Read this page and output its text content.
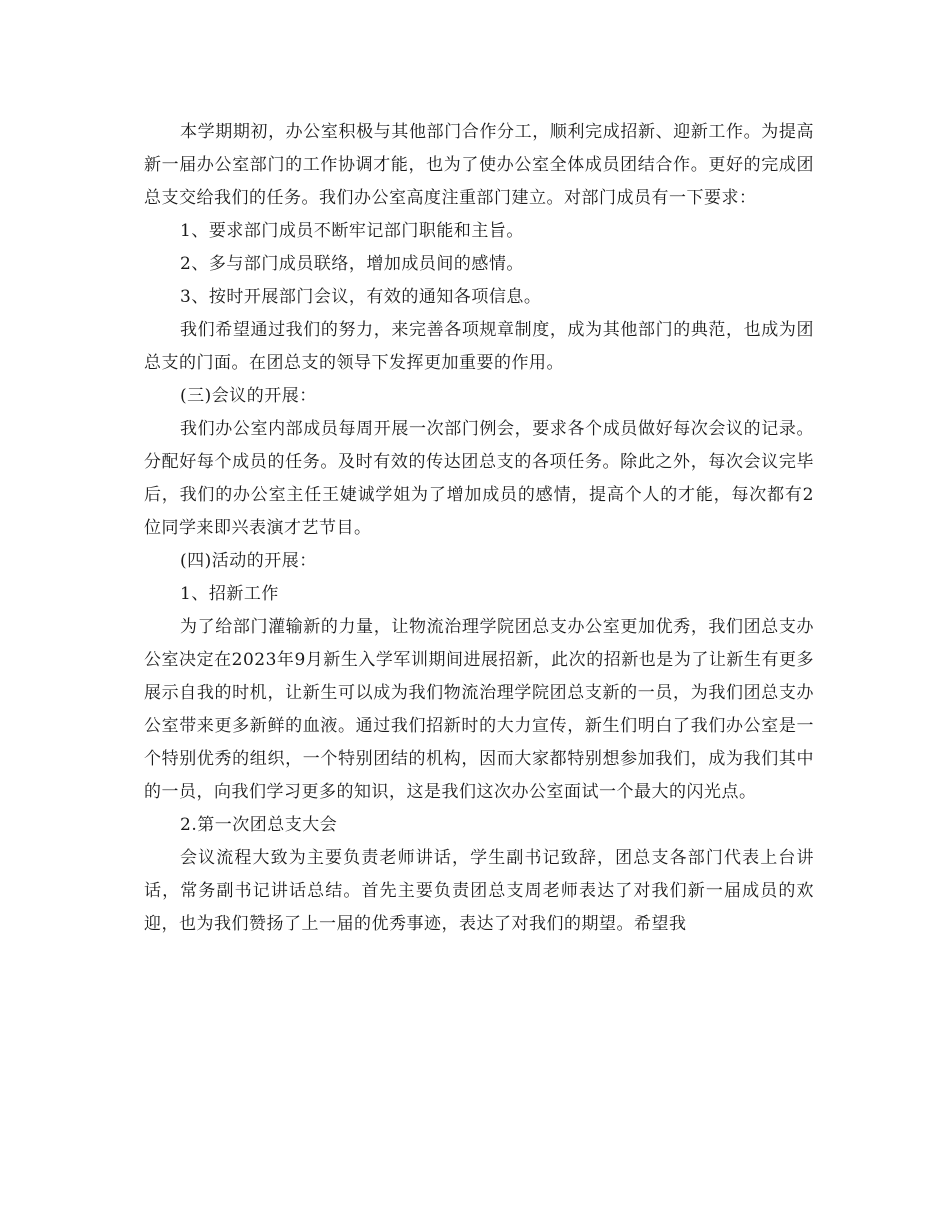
本学期期初，办公室积极与其他部门合作分工，顺利完成招新、迎新工作。为提高新一届办公室部门的工作协调才能，也为了使办公室全体成员团结合作。更好的完成团总支交给我们的任务。我们办公室高度注重部门建立。对部门成员有一下要求：

1、要求部门成员不断牢记部门职能和主旨。

2、多与部门成员联络，增加成员间的感情。

3、按时开展部门会议，有效的通知各项信息。

我们希望通过我们的努力，来完善各项规章制度，成为其他部门的典范，也成为团总支的门面。在团总支的领导下发挥更加重要的作用。

(三)会议的开展：

我们办公室内部成员每周开展一次部门例会，要求各个成员做好每次会议的记录。分配好每个成员的任务。及时有效的传达团总支的各项任务。除此之外，每次会议完毕后，我们的办公室主任王婕诚学姐为了增加成员的感情，提高个人的才能，每次都有2位同学来即兴表演才艺节目。

(四)活动的开展：

1、招新工作

为了给部门灌输新的力量，让物流治理学院团总支办公室更加优秀，我们团总支办公室决定在2023年9月新生入学军训期间进展招新，此次的招新也是为了让新生有更多展示自我的时机，让新生可以成为我们物流治理学院团总支新的一员，为我们团总支办公室带来更多新鲜的血液。通过我们招新时的大力宣传，新生们明白了我们办公室是一个特别优秀的组织，一个特别团结的机构，因而大家都特别想参加我们，成为我们其中的一员，向我们学习更多的知识，这是我们这次办公室面试一个最大的闪光点。

2.第一次团总支大会

会议流程大致为主要负责老师讲话，学生副书记致辞，团总支各部门代表上台讲话，常务副书记讲话总结。首先主要负责团总支周老师表达了对我们新一届成员的欢迎，也为我们赞扬了上一届的优秀事迹，表达了对我们的期望。希望我
